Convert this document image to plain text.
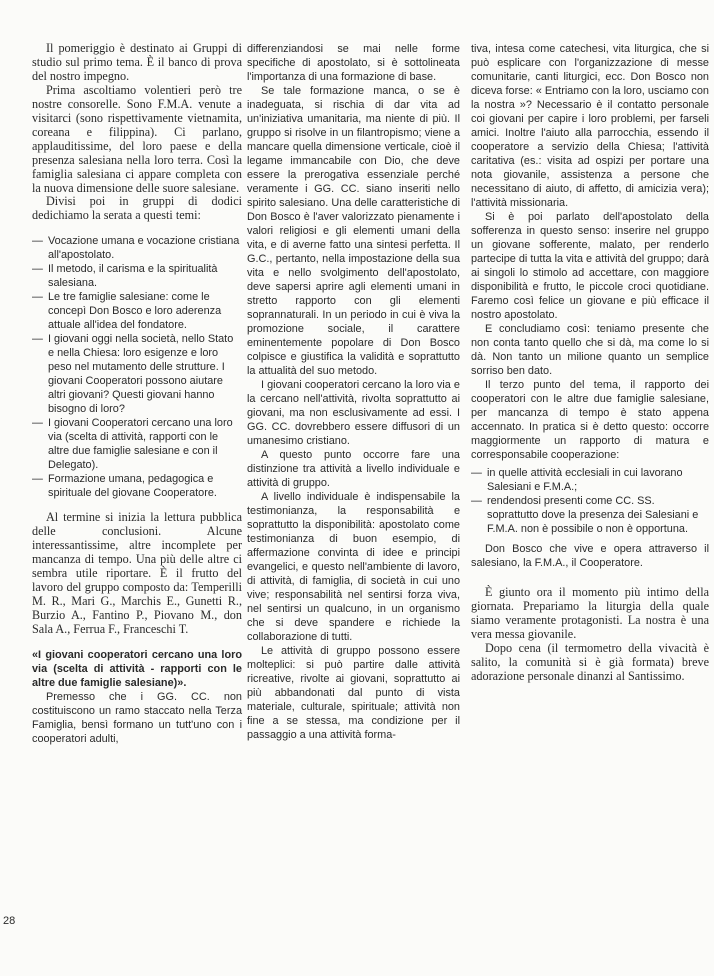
Il pomeriggio è destinato ai Gruppi di studio sul primo tema. È il banco di prova del nostro impegno.

Prima ascoltiamo volentieri però tre nostre consorelle. Sono F.M.A. venute a visitarci (sono rispettivamente vietnamita, coreana e filippina). Ci parlano, applauditissime, del loro paese e della presenza salesiana nella loro terra. Così la famiglia salesiana ci appare completa con la nuova dimensione delle suore salesiane.

Divisi poi in gruppi di dodici dedichiamo la serata a questi temi:

— Vocazione umana e vocazione cristiana all'apostolato.
— Il metodo, il carisma e la spiritualità salesiana.
— Le tre famiglie salesiane: come le concepì Don Bosco e loro aderenza attuale all'idea del fondatore.
— I giovani oggi nella società, nello Stato e nella Chiesa: loro esigenze e loro peso nel mutamento delle strutture. I giovani Cooperatori possono aiutare altri giovani? Questi giovani hanno bisogno di loro?
— I giovani Cooperatori cercano una loro via (scelta di attività, rapporti con le altre due famiglie salesiane e con il Delegato).
— Formazione umana, pedagogica e spirituale del giovane Cooperatore.

Al termine si inizia la lettura pubblica delle conclusioni. Alcune interessantissime, altre incomplete per mancanza di tempo. Una più delle altre ci sembra utile riportare. È il frutto del lavoro del gruppo composto da: Temperilli M. R., Mari G., Marchis E., Gunetti R., Burzio A., Fantino P., Piovano M., don Sala A., Ferrua F., Franceschi T.

«I giovani cooperatori cercano una loro via (scelta di attività - rapporti con le altre due famiglie salesiane)».

Premesso che i GG. CC. non costituiscono un ramo staccato nella Terza Famiglia, bensì formano un tutt'uno con i cooperatori adulti,

differenziandosi se mai nelle forme specifiche di apostolato, si è sottolineata l'importanza di una formazione di base.

Se tale formazione manca, o se è inadeguata, si rischia di dar vita ad un'iniziativa umanitaria, ma niente di più. Il gruppo si risolve in un filantropismo; viene a mancare quella dimensione verticale, cioè il legame immancabile con Dio, che deve essere la prerogativa essenziale perché veramente i GG. CC. siano inseriti nello spirito salesiano. Una delle caratteristiche di Don Bosco è l'aver valorizzato pienamente i valori religiosi e gli elementi umani della vita, e di averne fatto una sintesi perfetta. Il G.C., pertanto, nella impostazione della sua vita e nello svolgimento dell'apostolato, deve sapersi aprire agli elementi umani in stretto rapporto con gli elementi soprannaturali. In un periodo in cui è viva la promozione sociale, il carattere eminentemente popolare di Don Bosco colpisce e giustifica la validità e soprattutto la attualità del suo metodo.

I giovani cooperatori cercano la loro via e la cercano nell'attività, rivolta soprattutto ai giovani, ma non esclusivamente ad essi. I GG. CC. dovrebbero essere diffusori di un umanesimo cristiano.

A questo punto occorre fare una distinzione tra attività a livello individuale e attività di gruppo.

A livello individuale è indispensabile la testimonianza, la responsabilità e soprattutto la disponibilità: apostolato come testimonianza di buon esempio, di affermazione convinta di idee e principi evangelici, e questo nell'ambiente di lavoro, di attività, di famiglia, di società in cui uno vive; responsabilità nel sentirsi forza viva, nel sentirsi un qualcuno, in un organismo che si deve spandere e richiede la collaborazione di tutti.

Le attività di gruppo possono essere molteplici: si può partire dalle attività ricreative, rivolte ai giovani, soprattutto ai più abbandonati dal punto di vista materiale, culturale, spirituale; attività non fine a se stessa, ma condizione per il passaggio a una attività forma-

tiva, intesa come catechesi, vita liturgica, che si può esplicare con l'organizzazione di messe comunitarie, canti liturgici, ecc. Don Bosco non diceva forse: « Entriamo con la loro, usciamo con la nostra »? Necessario è il contatto personale coi giovani per capire i loro problemi, per farseli amici. Inoltre l'aiuto alla parrocchia, essendo il cooperatore a servizio della Chiesa; l'attività caritativa (es.: visita ad ospizi per portare una nota giovanile, assistenza a persone che necessitano di aiuto, di affetto, di amicizia vera); l'attività missionaria.

Si è poi parlato dell'apostolato della sofferenza in questo senso: inserire nel gruppo un giovane sofferente, malato, per renderlo partecipe di tutta la vita e attività del gruppo; darà ai singoli lo stimolo ad accettare, con maggiore disponibilità e frutto, le piccole croci quotidiane. Faremo così felice un giovane e più efficace il nostro apostolato.

E concludiamo così: teniamo presente che non conta tanto quello che si dà, ma come lo si dà. Non tanto un milione quanto un semplice sorriso ben dato.

Il terzo punto del tema, il rapporto dei cooperatori con le altre due famiglie salesiane, per mancanza di tempo è stato appena accennato. In pratica si è detto questo: occorre maggiormente un rapporto di matura e corresponsabile cooperazione:

— in quelle attività ecclesiali in cui lavorano Salesiani e F.M.A.;
— rendendosi presenti come CC. SS. soprattutto dove la presenza dei Salesiani e F.M.A. non è possibile o non è opportuna.

Don Bosco che vive e opera attraverso il salesiano, la F.M.A., il Cooperatore.

È giunto ora il momento più intimo della giornata. Prepariamo la liturgia della quale siamo veramente protagonisti. La nostra è una vera messa giovanile.

Dopo cena (il termometro della vivacità è salito, la comunità si è già formata) breve adorazione personale dinanzi al Santissimo.

28
